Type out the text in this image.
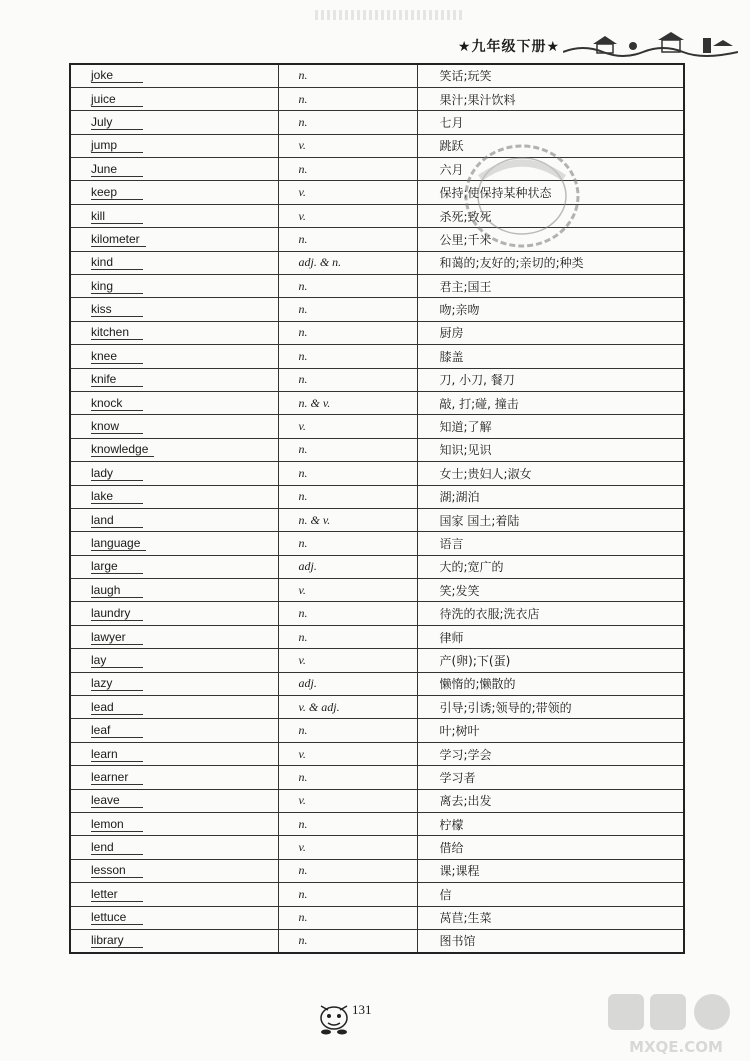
★九年级下册★
joke	n.	笑话;玩笑
juice	n.	果汁;果汁饮料
July	n.	七月
jump	v.	跳跃
June	n.	六月
keep	v.	保持;使保持某种状态
kill	v.	杀死;致死
kilometer	n.	公里;千米
kind	adj. & n.	和蔼的;友好的;亲切的;种类
king	n.	君主;国王
kiss	n.	吻;亲吻
kitchen	n.	厨房
knee	n.	膝盖
knife	n.	刀, 小刀, 餐刀
knock	n. & v.	敲, 打;碰, 撞击
know	v.	知道;了解
knowledge	n.	知识;见识
lady	n.	女士;贵妇人;淑女
lake	n.	湖;湖泊
land	n. & v.	国家 国土;着陆
language	n.	语言
large	adj.	大的;宽广的
laugh	v.	笑;发笑
laundry	n.	待洗的衣服;洗衣店
lawyer	n.	律师
lay	v.	产(卵);下(蛋)
lazy	adj.	懒惰的;懒散的
lead	v. & adj.	引导;引诱;领导的;带领的
leaf	n.	叶;树叶
learn	v.	学习;学会
learner	n.	学习者
leave	v.	离去;出发
lemon	n.	柠檬
lend	v.	借给
lesson	n.	课;课程
letter	n.	信
lettuce	n.	莴苣;生菜
library	n.	图书馆
131
MXQE.COM
